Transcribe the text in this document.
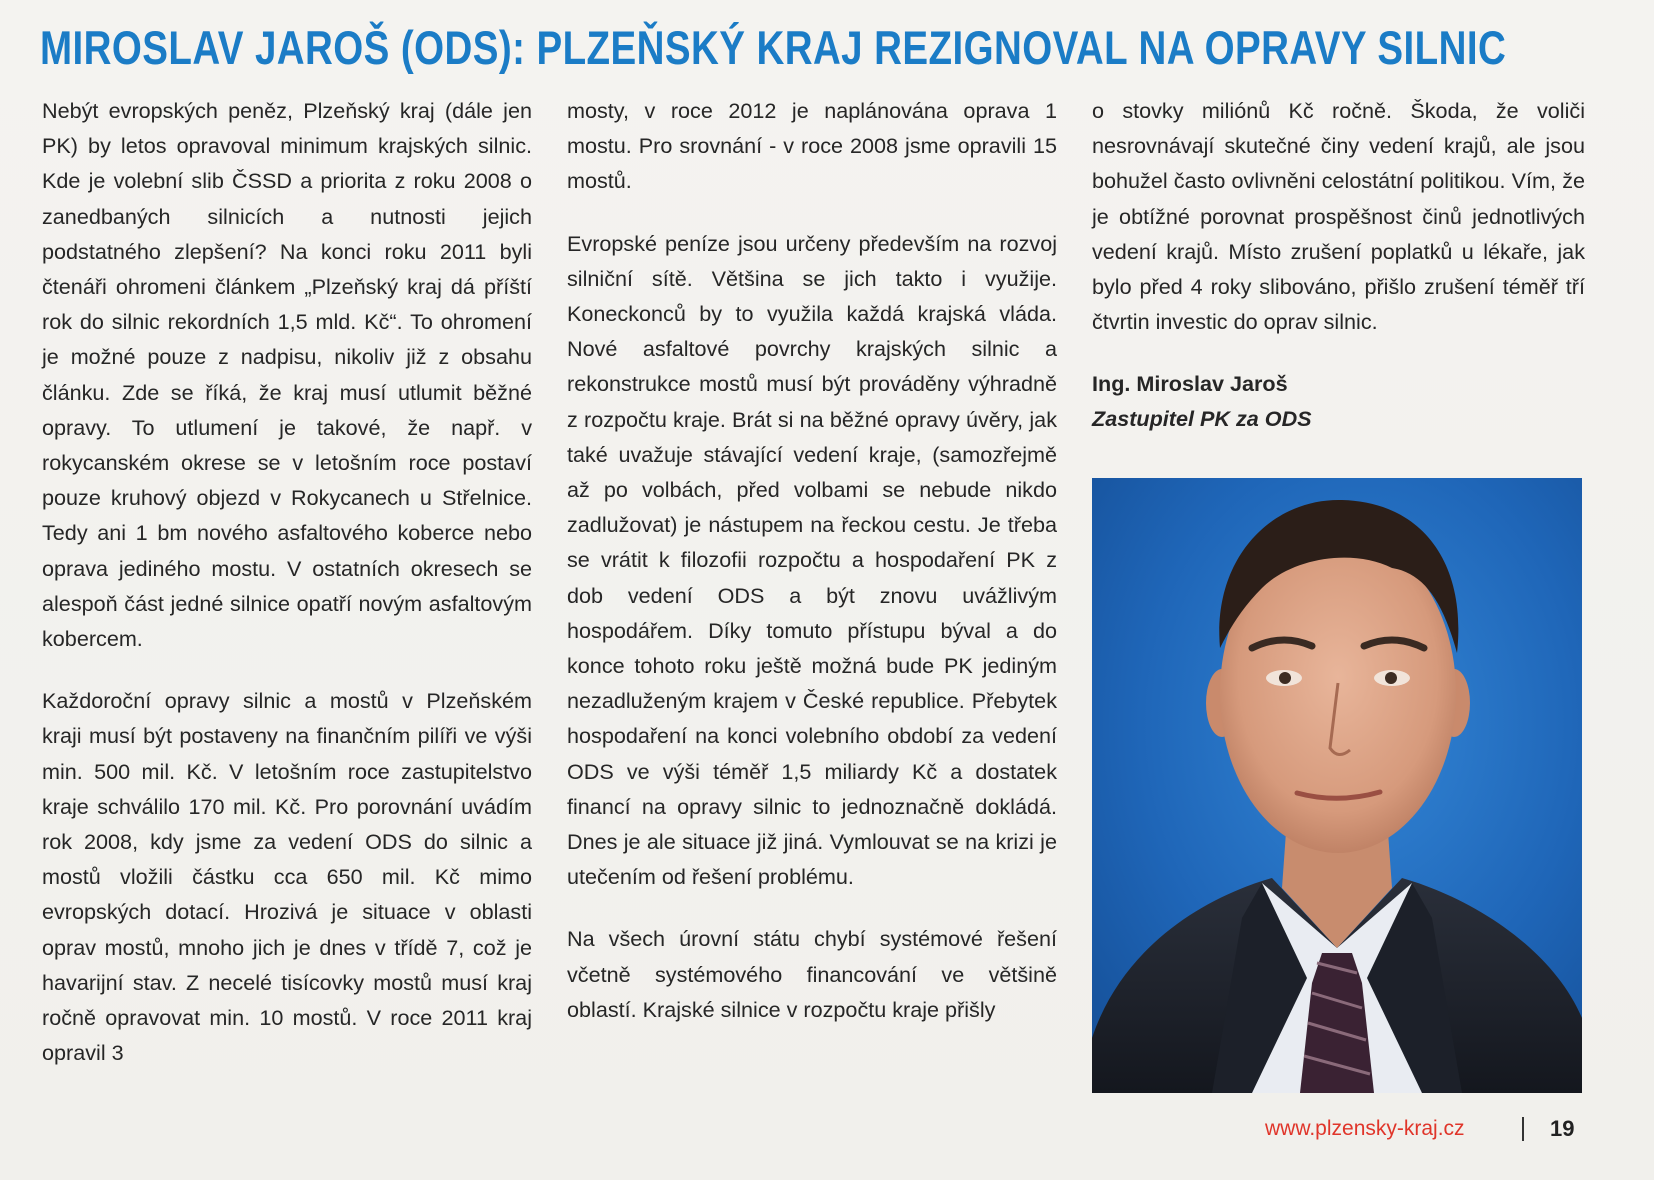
MIROSLAV JAROŠ (ODS): PLZEŇSKÝ KRAJ REZIGNOVAL NA OPRAVY SILNIC

Nebýt evropských peněz, Plzeňský kraj (dále jen PK) by letos opravoval minimum krajských silnic. Kde je volební slib ČSSD a priorita z roku 2008 o zanedbaných silnicích a nutnosti jejich podstatného zlepšení? Na konci roku 2011 byli čtenáři ohromeni článkem „Plzeňský kraj dá příští rok do silnic rekordních 1,5 mld. Kč“. To ohromení je možné pouze z nadpisu, nikoliv již z obsahu článku. Zde se říká, že kraj musí utlumit běžné opravy. To utlumení je takové, že např. v rokycanském okrese se v letošním roce postaví pouze kruhový objezd v Rokycanech u Střelnice. Tedy ani 1 bm nového asfaltového koberce nebo oprava jediného mostu. V ostatních okresech se alespoň část jedné silnice opatří novým asfaltovým kobercem.

Každoroční opravy silnic a mostů v Plzeňském kraji musí být postaveny na finančním pilíři ve výši min. 500 mil. Kč. V letošním roce zastupitelstvo kraje schválilo 170 mil. Kč. Pro porovnání uvádím rok 2008, kdy jsme za vedení ODS do silnic a mostů vložili částku cca 650 mil. Kč mimo evropských dotací. Hrozivá je situace v oblasti oprav mostů, mnoho jich je dnes v třídě 7, což je havarijní stav. Z necelé tisícovky mostů musí kraj ročně opravovat min. 10 mostů. V roce 2011 kraj opravil 3

mosty, v roce 2012 je naplánována oprava 1 mostu. Pro srovnání - v roce 2008 jsme opravili 15 mostů.

Evropské peníze jsou určeny především na rozvoj silniční sítě. Většina se jich takto i využije. Koneckonců by to využila každá krajská vláda. Nové asfaltové povrchy krajských silnic a rekonstrukce mostů musí být prováděny výhradně z rozpočtu kraje. Brát si na běžné opravy úvěry, jak také uvažuje stávající vedení kraje, (samozřejmě až po volbách, před volbami se nebude nikdo zadlužovat) je nástupem na řeckou cestu. Je třeba se vrátit k filozofii rozpočtu a hospodaření PK z dob vedení ODS a být znovu uvážlivým hospodářem. Díky tomuto přístupu býval a do konce tohoto roku ještě možná bude PK jediným nezadluženým krajem v České republice. Přebytek hospodaření na konci volebního období za vedení ODS ve výši téměř 1,5 miliardy Kč a dostatek financí na opravy silnic to jednoznačně dokládá. Dnes je ale situace již jiná. Vymlouvat se na krizi je utečením od řešení problému.

Na všech úrovní státu chybí systémové řešení včetně systémového financování ve většině oblastí. Krajské silnice v rozpočtu kraje přišly

o stovky miliónů Kč ročně. Škoda, že voliči nesrovnávají skutečné činy vedení krajů, ale jsou bohužel často ovlivněni celostátní politikou. Vím, že je obtížné porovnat prospěšnost činů jednotlivých vedení krajů. Místo zrušení poplatků u lékaře, jak bylo před 4 roky slibováno, přišlo zrušení téměř tří čtvrtin investic do oprav silnic.

Ing. Miroslav Jaroš
Zastupitel PK za ODS
www.plzensky-kraj.cz	19
